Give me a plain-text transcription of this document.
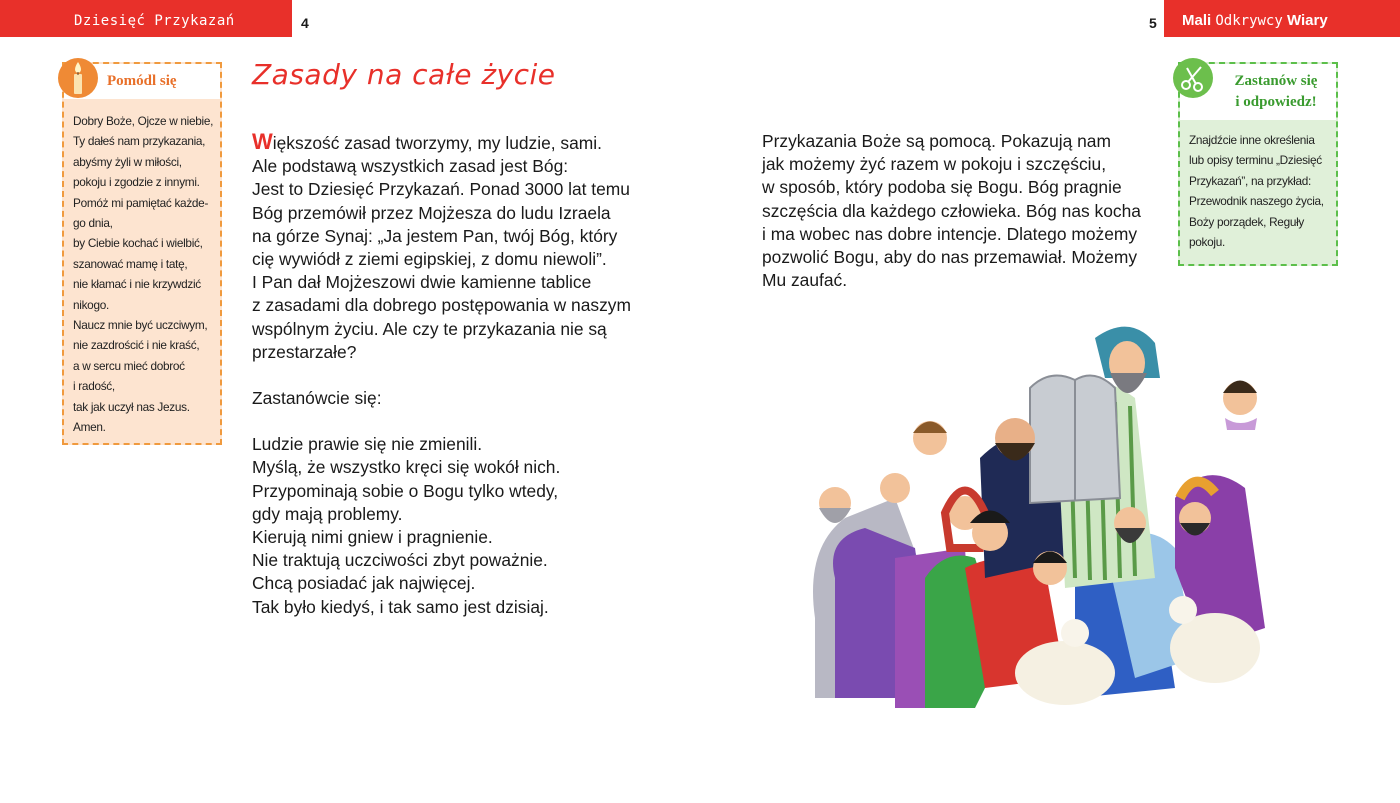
Dziesięć Przykazań	4	5 Mali Odkrywcy Wiary
Zasady na całe życie
Pomódl się
Dobry Boże, Ojcze w niebie,
Ty dałeś nam przykazania,
abyśmy żyli w miłości,
pokoju i zgodzie z innymi.
Pomóż mi pamiętać każde-
go dnia,
by Ciebie kochać i wielbić,
szanować mamę i tatę,
nie kłamać i nie krzywdzić
nikogo.
Naucz mnie być uczciwym,
nie zazdrościć i nie kraść,
a w sercu mieć dobroć
i radość,
tak jak uczył nas Jezus.
Amen.
Zastanów się
i odpowiedz!
Znajdźcie inne określenia
lub opisy terminu „Dziesięć
Przykazań”, na przykład:
Przewodnik naszego życia,
Boży porządek, Reguły
pokoju.

Większość zasad tworzymy, my ludzie, sami.

Ale podstawą wszystkich zasad jest Bóg:
Jest to Dziesięć Przykazań. Ponad 3000 lat temu
Bóg przemówił przez Mojżesza do ludu Izraela
na górze Synaj: „Ja jestem Pan, twój Bóg, który
cię wywiódł z ziemi egipskiej, z domu niewoli”.
I Pan dał Mojżeszowi dwie kamienne tablice
z zasadami dla dobrego postępowania w naszym
wspólnym życiu. Ale czy te przykazania nie są
przestarzałe?

Zastanówcie się:

Ludzie prawie się nie zmienili.
Myślą, że wszystko kręci się wokół nich.
Przypominają sobie o Bogu tylko wtedy,
gdy mają problemy.
Kierują nimi gniew i pragnienie.
Nie traktują uczciwości zbyt poważnie.
Chcą posiadać jak najwięcej.
Tak było kiedyś, i tak samo jest dzisiaj.

Przykazania Boże są pomocą. Pokazują nam
jak możemy żyć razem w pokoju i szczęściu,
w sposób, który podoba się Bogu. Bóg pragnie
szczęścia dla każdego człowieka. Bóg nas kocha
i ma wobec nas dobre intencje. Dlatego możemy
pozwolić Bogu, aby do nas przemawiał. Możemy
Mu zaufać.
